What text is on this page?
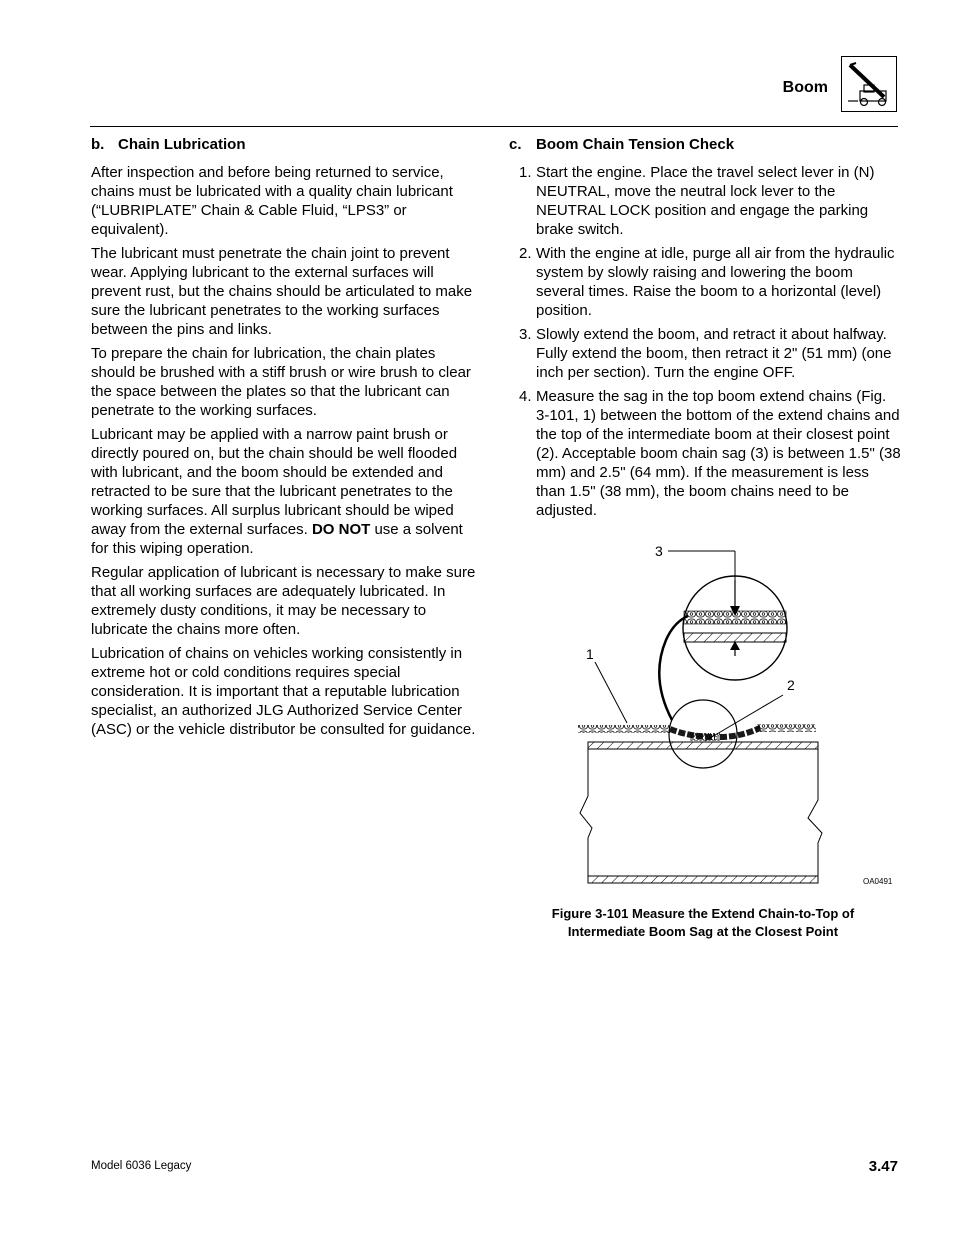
Boom
b. Chain Lubrication

After inspection and before being returned to service, chains must be lubricated with a quality chain lubricant (“LUBRIPLATE” Chain & Cable Fluid, “LPS3” or equivalent).

The lubricant must penetrate the chain joint to prevent wear. Applying lubricant to the external surfaces will prevent rust, but the chains should be articulated to make sure the lubricant penetrates to the working surfaces between the pins and links.

To prepare the chain for lubrication, the chain plates should be brushed with a stiff brush or wire brush to clear the space between the plates so that the lubricant can penetrate to the working surfaces.

Lubricant may be applied with a narrow paint brush or directly poured on, but the chain should be well flooded with lubricant, and the boom should be extended and retracted to be sure that the lubricant penetrates to the working surfaces. All surplus lubricant should be wiped away from the external surfaces. DO NOT use a solvent for this wiping operation.

Regular application of lubricant is necessary to make sure that all working surfaces are adequately lubricated. In extremely dusty conditions, it may be necessary to lubricate the chains more often.

Lubrication of chains on vehicles working consistently in extreme hot or cold conditions requires special consideration. It is important that a reputable lubrication specialist, an authorized JLG Authorized Service Center (ASC) or the vehicle distributor be consulted for guidance.

c. Boom Chain Tension Check
1. Start the engine. Place the travel select lever in (N) NEUTRAL, move the neutral lock lever to the NEUTRAL LOCK position and engage the parking brake switch.
2. With the engine at idle, purge all air from the hydraulic system by slowly raising and lowering the boom several times. Raise the boom to a horizontal (level) position.
3. Slowly extend the boom, and retract it about halfway. Fully extend the boom, then retract it 2" (51 mm) (one inch per section). Turn the engine OFF.
4. Measure the sag in the top boom extend chains (Fig. 3-101, 1) between the bottom of the extend chains and the top of the intermediate boom at their closest point (2). Acceptable boom chain sag (3) is between 1.5" (38 mm) and 2.5" (64 mm). If the measurement is less than 1.5" (38 mm), the boom chains need to be adjusted.
3
1
2
OA0491
Figure 3-101 Measure the Extend Chain-to-Top of
Intermediate Boom Sag at the Closest Point
Model 6036 Legacy	3.47
